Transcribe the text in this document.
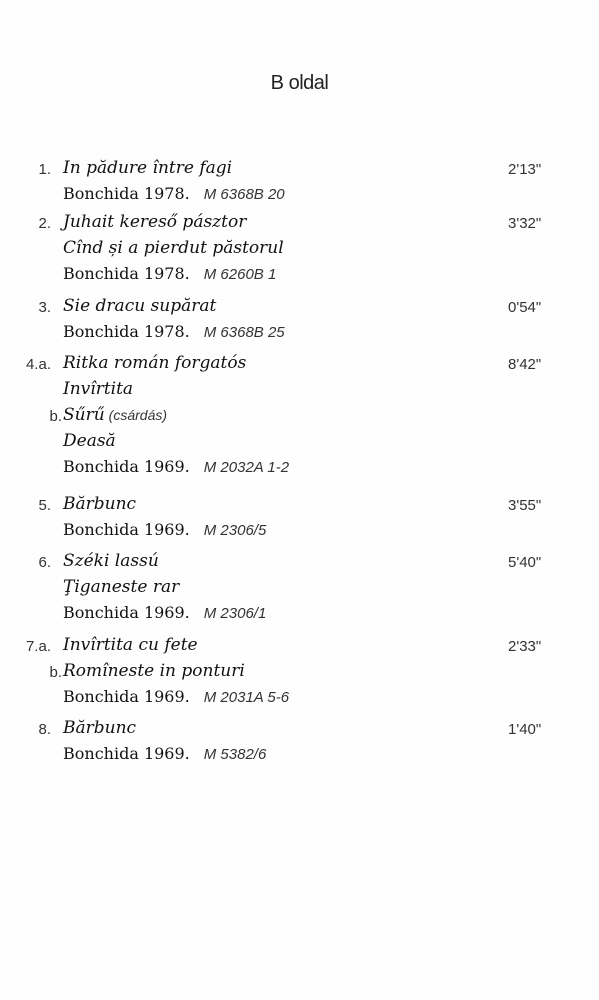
B oldal
1.	2'13"
In pădure între fagi
Bonchida 1978. M 6368B 20
2.	3'32"
Juhait kereső pásztor
Cînd și a pierdut păstorul
Bonchida 1978. M 6260B 1
3.	0'54"
Sie dracu supărat
Bonchida 1978. M 6368B 25
4.a.	8'42"
Ritka román forgatós
Invîrtita
b. Sűrű (csárdás)
Deasă
Bonchida 1969. M 2032A 1-2
5.	3'55"
Bărbunc
Bonchida 1969. M 2306/5
6.	5'40"
Széki lassú
Ţiganeste rar
Bonchida 1969. M 2306/1
7.a.	2'33"
Invîrtita cu fete
b. Romîneste in ponturi
Bonchida 1969. M 2031A 5-6
8.	1'40"
Bărbunc
Bonchida 1969. M 5382/6
